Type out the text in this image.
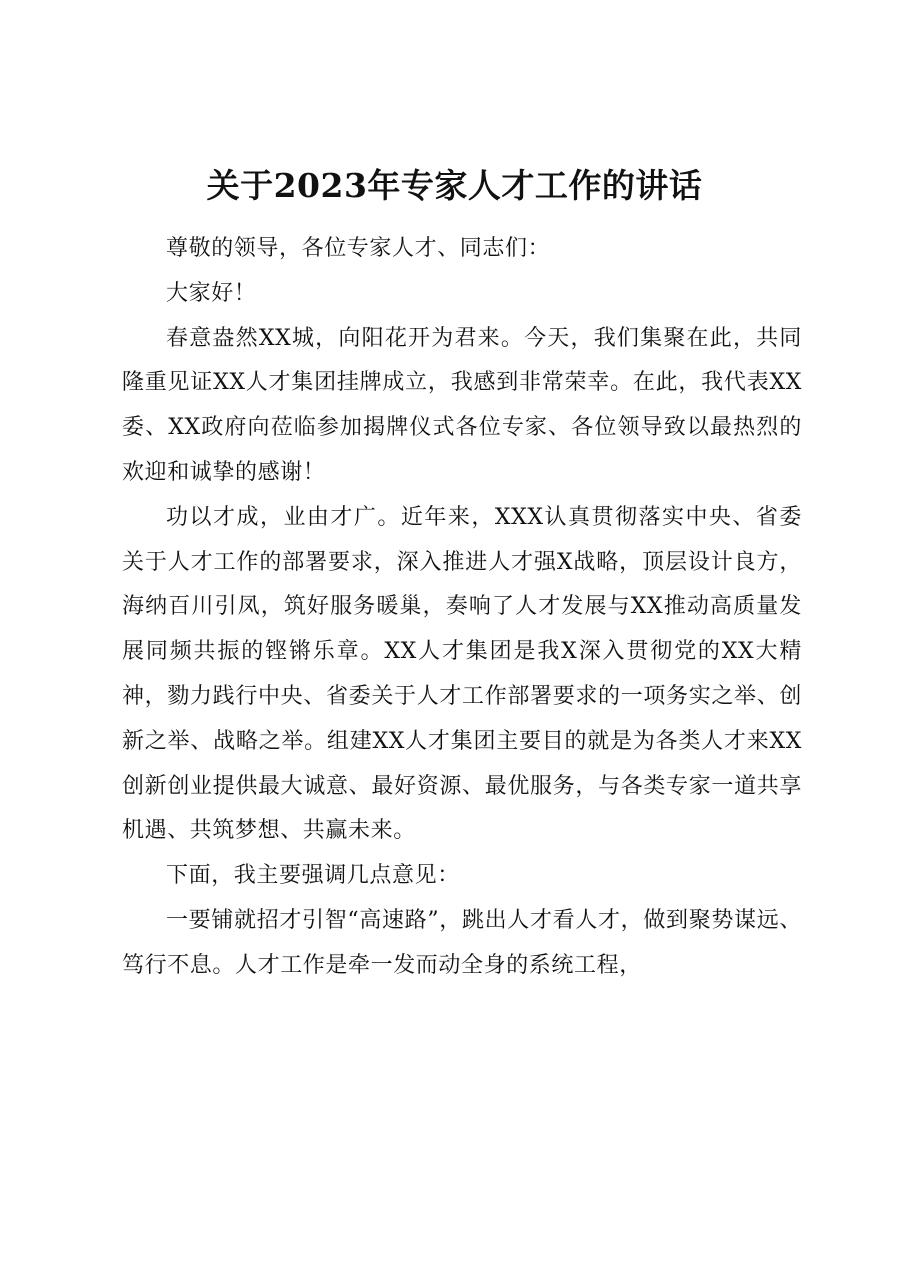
关于2023年专家人才工作的讲话

尊敬的领导，各位专家人才、同志们：

大家好！

春意盎然XX城，向阳花开为君来。今天，我们集聚在此，共同隆重见证XX人才集团挂牌成立，我感到非常荣幸。在此，我代表XX委、XX政府向莅临参加揭牌仪式各位专家、各位领导致以最热烈的欢迎和诚挚的感谢！

功以才成，业由才广。近年来，XXX认真贯彻落实中央、省委关于人才工作的部署要求，深入推进人才强X战略，顶层设计良方，海纳百川引凤，筑好服务暖巢，奏响了人才发展与XX推动高质量发展同频共振的铿锵乐章。XX人才集团是我X深入贯彻党的XX大精神，勠力践行中央、省委关于人才工作部署要求的一项务实之举、创新之举、战略之举。组建XX人才集团主要目的就是为各类人才来XX创新创业提供最大诚意、最好资源、最优服务，与各类专家一道共享机遇、共筑梦想、共赢未来。

下面，我主要强调几点意见：

一要铺就招才引智“高速路”，跳出人才看人才，做到聚势谋远、笃行不息。人才工作是牵一发而动全身的系统工程，
